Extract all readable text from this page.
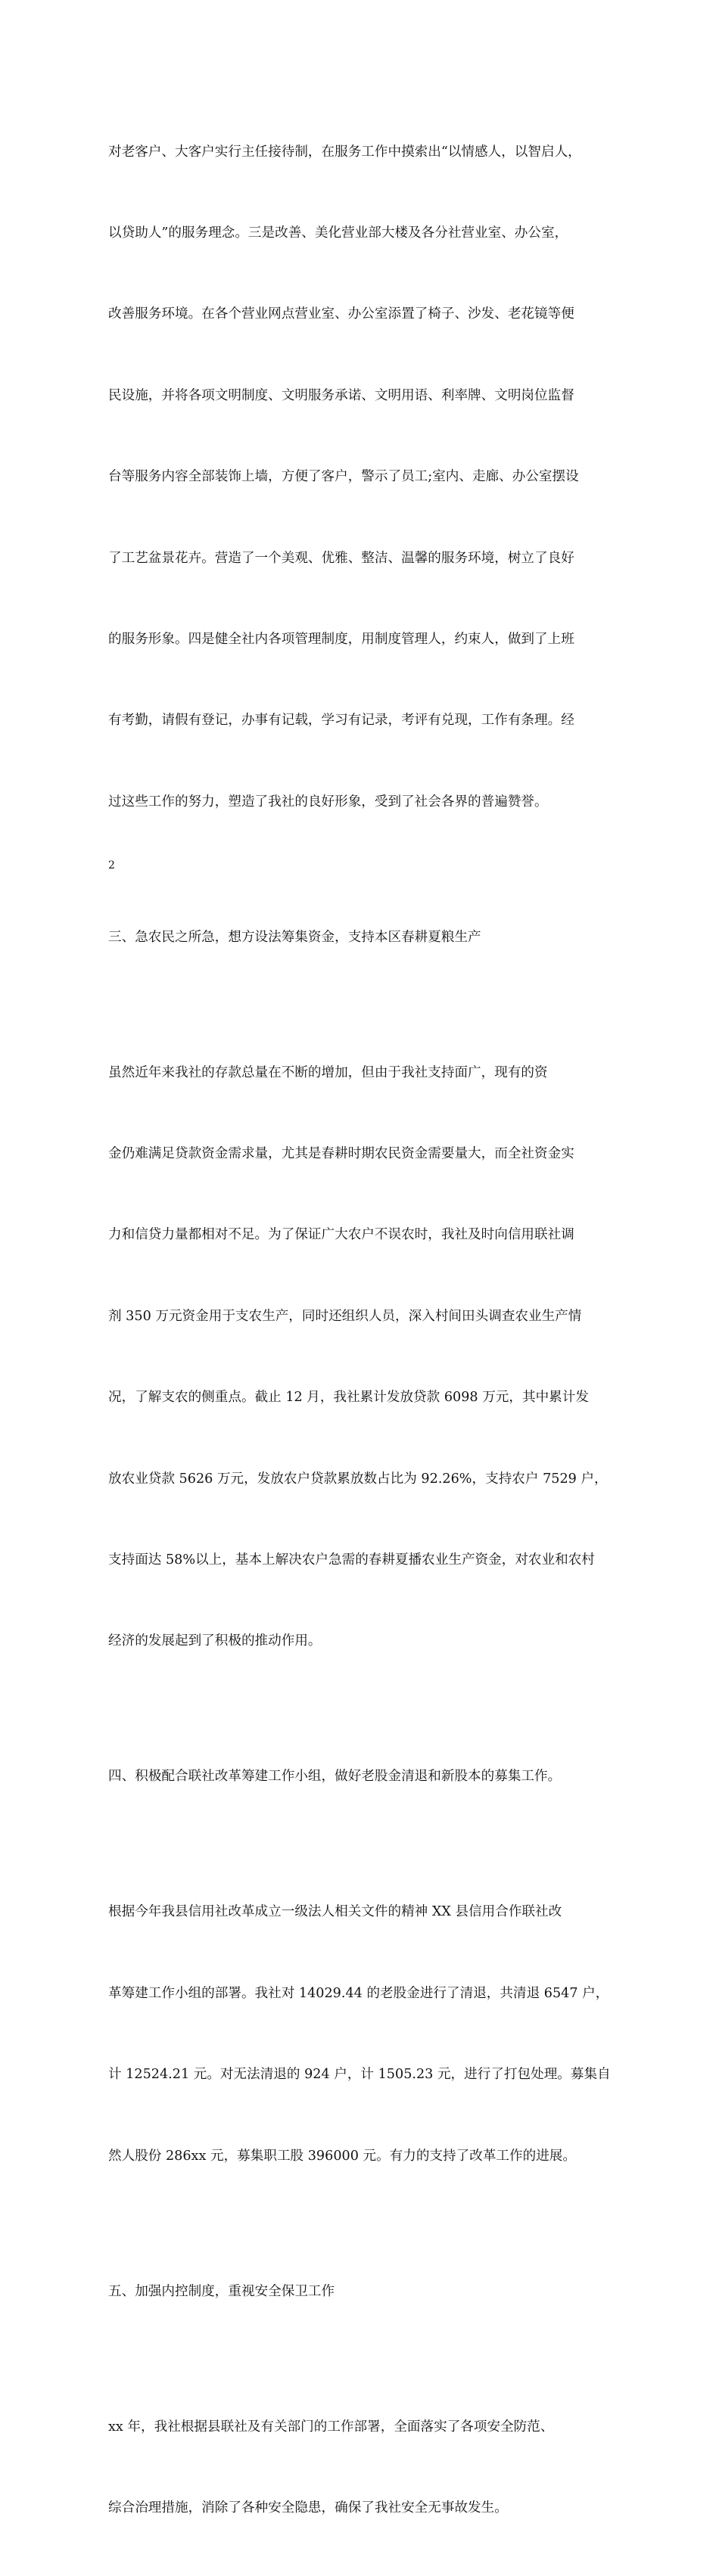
对老客户、大客户实行主任接待制，在服务工作中摸索出“以情感人，以智启人，

以贷助人”的服务理念。三是改善、美化营业部大楼及各分社营业室、办公室，

改善服务环境。在各个营业网点营业室、办公室添置了椅子、沙发、老花镜等便

民设施，并将各项文明制度、文明服务承诺、文明用语、利率牌、文明岗位监督

台等服务内容全部装饰上墙，方便了客户，警示了员工;室内、走廊、办公室摆设

了工艺盆景花卉。营造了一个美观、优雅、整洁、温馨的服务环境，树立了良好

的服务形象。四是健全社内各项管理制度，用制度管理人，约束人，做到了上班

有考勤，请假有登记，办事有记载，学习有记录，考评有兑现，工作有条理。经

过这些工作的努力，塑造了我社的良好形象，受到了社会各界的普遍赞誉。

三、急农民之所急，想方设法筹集资金，支持本区春耕夏粮生产

虽然近年来我社的存款总量在不断的增加，但由于我社支持面广，现有的资

金仍难满足贷款资金需求量，尤其是春耕时期农民资金需要量大，而全社资金实

力和信贷力量都相对不足。为了保证广大农户不误农时，我社及时向信用联社调

剂 350 万元资金用于支农生产，同时还组织人员，深入村间田头调查农业生产情

况，了解支农的侧重点。截止 12 月，我社累计发放贷款 6098 万元，其中累计发

放农业贷款 5626 万元，发放农户贷款累放数占比为 92.26%，支持农户 7529 户，

支持面达 58%以上，基本上解决农户急需的春耕夏播农业生产资金，对农业和农村

经济的发展起到了积极的推动作用。

四、积极配合联社改革筹建工作小组，做好老股金清退和新股本的募集工作。

根据今年我县信用社改革成立一级法人相关文件的精神 XX 县信用合作联社改

革筹建工作小组的部署。我社对 14029.44 的老股金进行了清退，共清退 6547 户，

计 12524.21 元。对无法清退的 924 户，计 1505.23 元，进行了打包处理。募集自

然人股份 286xx 元，募集职工股 396000 元。有力的支持了改革工作的进展。

五、加强内控制度，重视安全保卫工作

xx 年，我社根据县联社及有关部门的工作部署，全面落实了各项安全防范、

综合治理措施，消除了各种安全隐患，确保了我社安全无事故发生。

2
